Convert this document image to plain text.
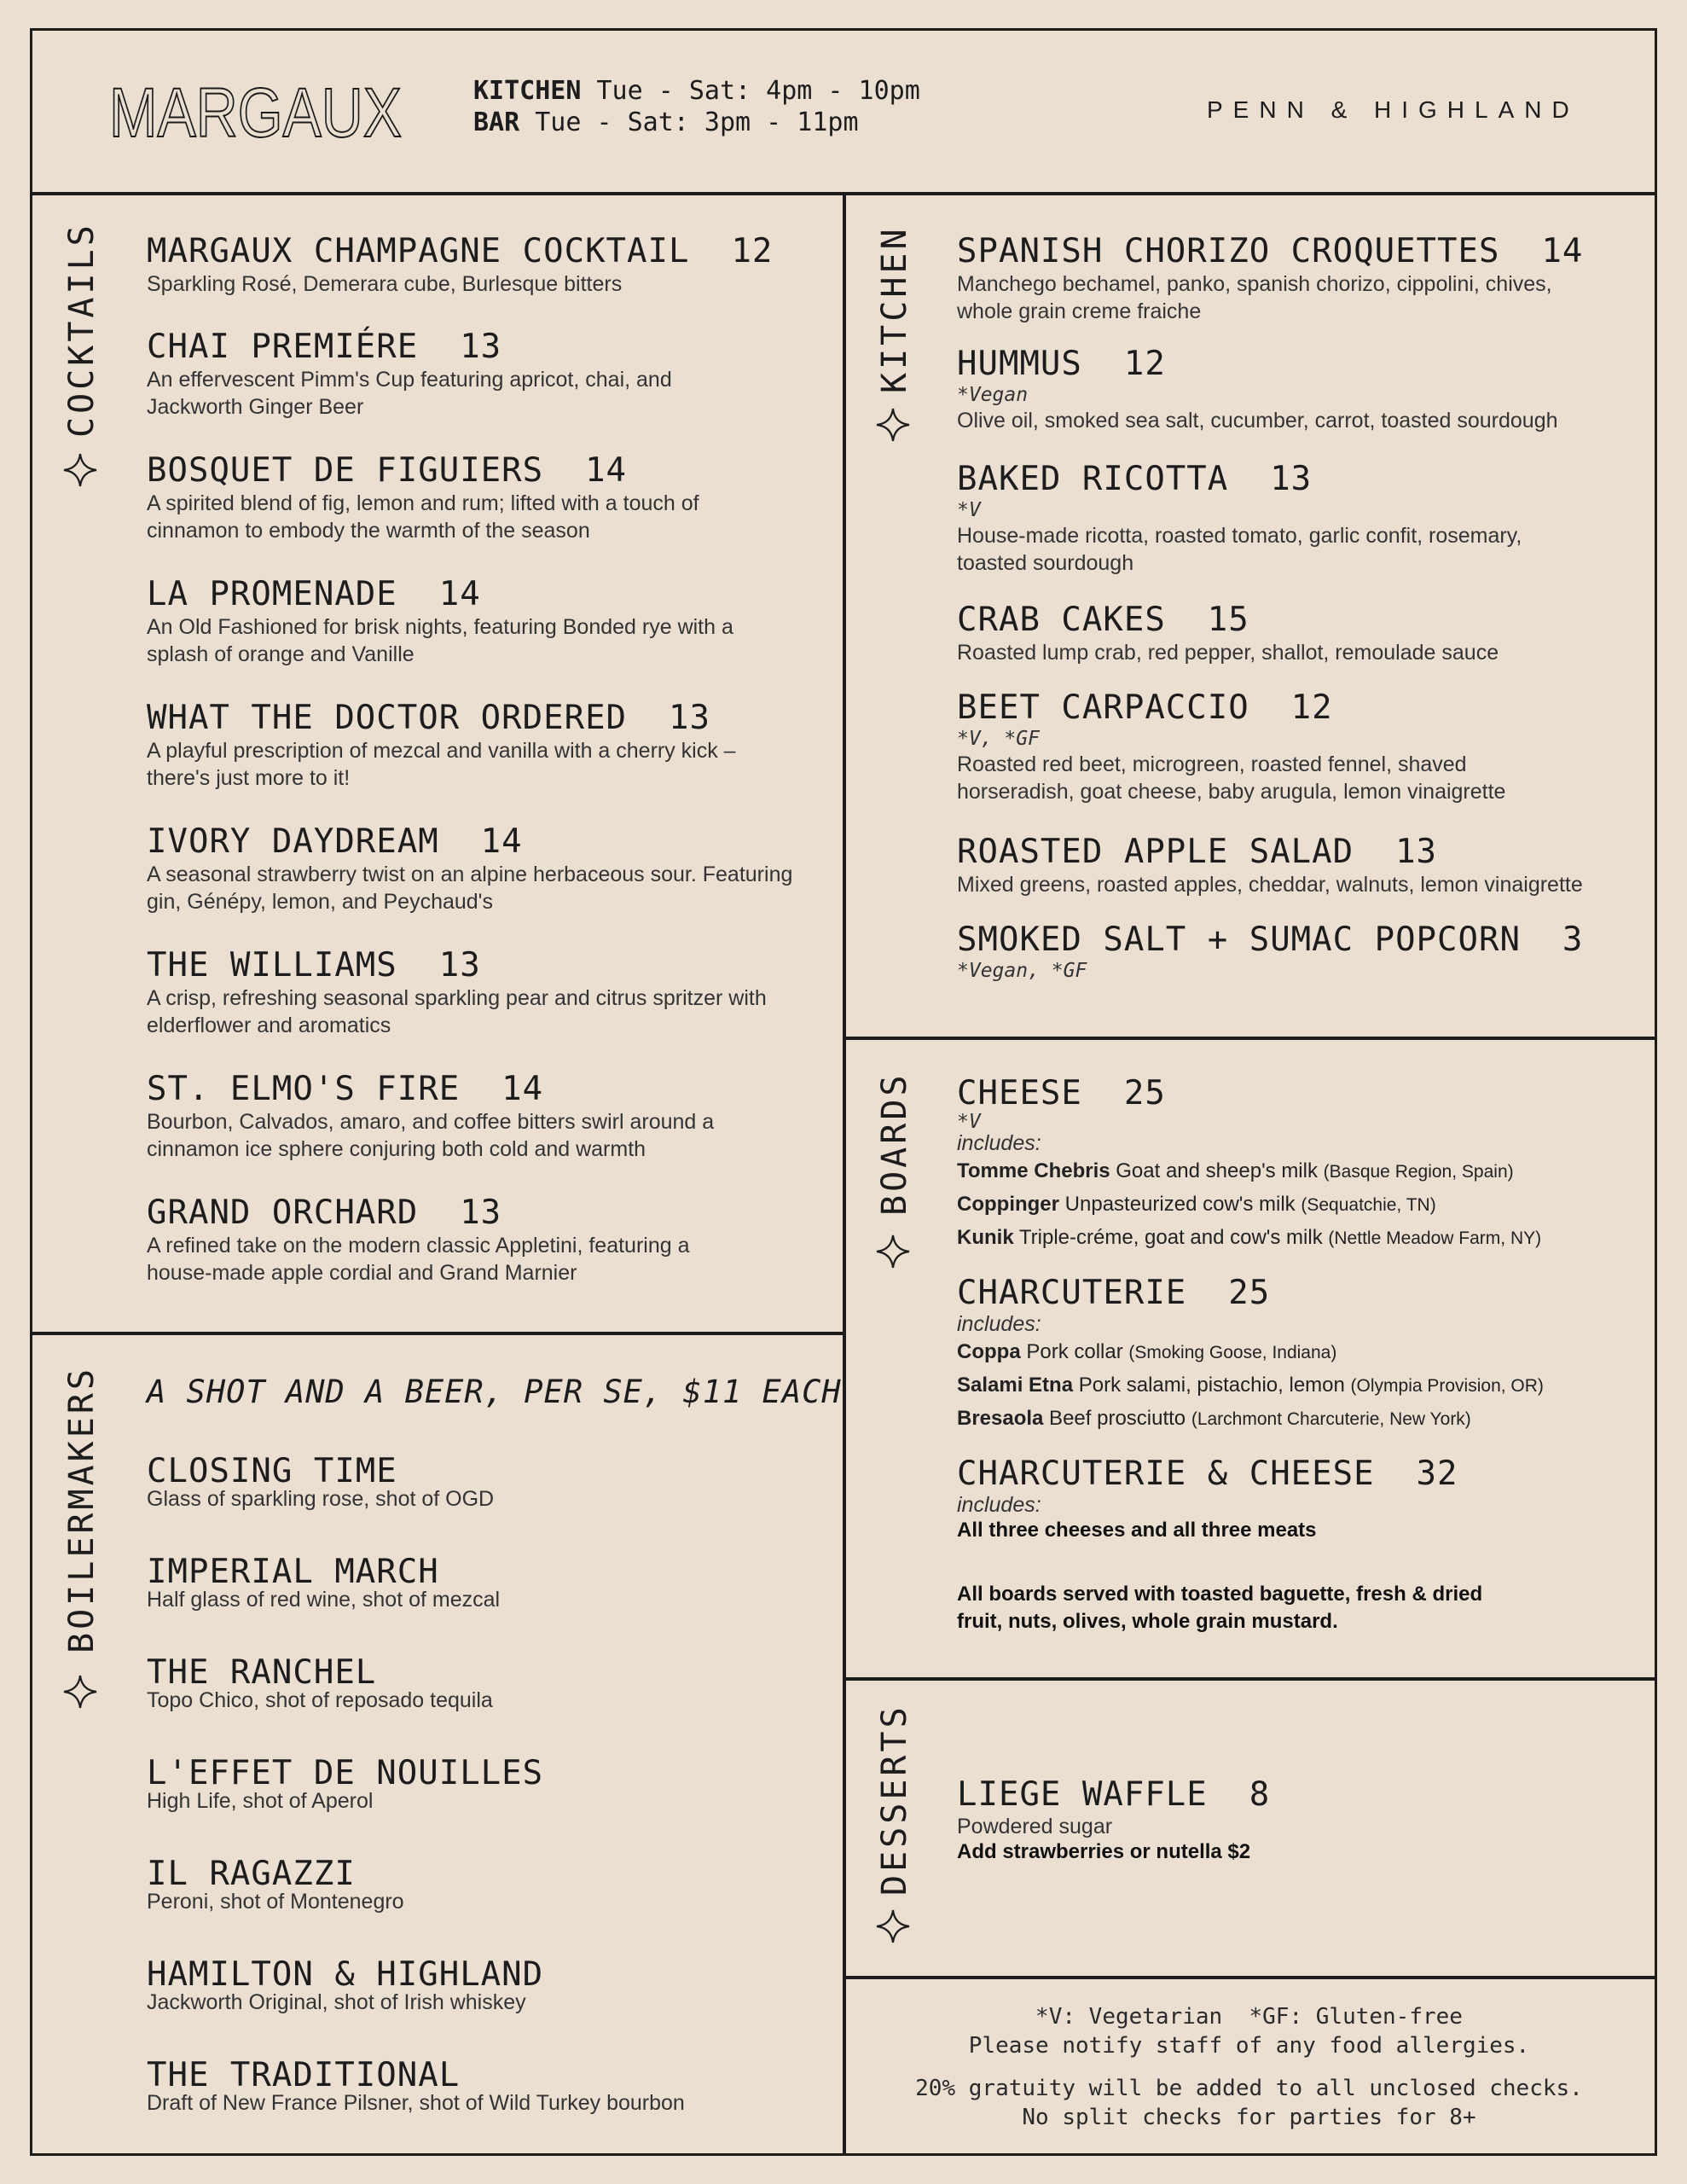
MARGAUX	KITCHEN Tue - Sat: 4pm - 10pm
BAR Tue - Sat: 3pm - 11pm	PENN & HIGHLAND
COCKTAILS
BOILERMAKERS
KITCHEN
BOARDS
DESSERTS
MARGAUX CHAMPAGNE COCKTAIL  12
Sparkling Rosé, Demerara cube, Burlesque bitters
CHAI PREMIÉRE  13
An effervescent Pimm's Cup featuring apricot, chai, and Jackworth Ginger Beer
BOSQUET DE FIGUIERS  14
A spirited blend of fig, lemon and rum; lifted with a touch of cinnamon to embody the warmth of the season
LA PROMENADE  14
An Old Fashioned for brisk nights, featuring Bonded rye with a splash of orange and Vanille
WHAT THE DOCTOR ORDERED  13
A playful prescription of mezcal and vanilla with a cherry kick – there's just more to it!
IVORY DAYDREAM  14
A seasonal strawberry twist on an alpine herbaceous sour. Featuring gin, Génépy, lemon, and Peychaud's
THE WILLIAMS  13
A crisp, refreshing seasonal sparkling pear and citrus spritzer with elderflower and aromatics
ST. ELMO'S FIRE  14
Bourbon, Calvados, amaro, and coffee bitters swirl around a cinnamon ice sphere conjuring both cold and warmth
GRAND ORCHARD  13
A refined take on the modern classic Appletini, featuring a house-made apple cordial and Grand Marnier
A SHOT AND A BEER, PER SE, $11 EACH
CLOSING TIME
Glass of sparkling rose, shot of OGD
IMPERIAL MARCH
Half glass of red wine, shot of mezcal
THE RANCHEL
Topo Chico, shot of reposado tequila
L'EFFET DE NOUILLES
High Life, shot of Aperol
IL RAGAZZI
Peroni, shot of Montenegro
HAMILTON & HIGHLAND
Jackworth Original, shot of Irish whiskey
THE TRADITIONAL
Draft of New France Pilsner, shot of Wild Turkey bourbon
SPANISH CHORIZO CROQUETTES  14
Manchego bechamel, panko, spanish chorizo, cippolini, chives, whole grain creme fraiche
HUMMUS  12
*Vegan
Olive oil, smoked sea salt, cucumber, carrot, toasted sourdough
BAKED RICOTTA  13
*V
House-made ricotta, roasted tomato, garlic confit, rosemary, toasted sourdough
CRAB CAKES  15
Roasted lump crab, red pepper, shallot, remoulade sauce
BEET CARPACCIO  12
*V, *GF
Roasted red beet, microgreen, roasted fennel, shaved horseradish, goat cheese, baby arugula, lemon vinaigrette
ROASTED APPLE SALAD  13
Mixed greens, roasted apples, cheddar, walnuts, lemon vinaigrette
SMOKED SALT + SUMAC POPCORN  3
*Vegan, *GF
CHEESE  25
*V
includes:
Tomme Chebris Goat and sheep's milk (Basque Region, Spain)
Coppinger Unpasteurized cow's milk (Sequatchie, TN)
Kunik Triple-créme, goat and cow's milk (Nettle Meadow Farm, NY)
CHARCUTERIE  25
includes:
Coppa Pork collar (Smoking Goose, Indiana)
Salami Etna Pork salami, pistachio, lemon (Olympia Provision, OR)
Bresaola Beef prosciutto (Larchmont Charcuterie, New York)
CHARCUTERIE & CHEESE  32
includes:
All three cheeses and all three meats
All boards served with toasted baguette, fresh & dried fruit, nuts, olives, whole grain mustard.
LIEGE WAFFLE  8
Powdered sugar
Add strawberries or nutella $2
*V: Vegetarian  *GF: Gluten-free
Please notify staff of any food allergies.
20% gratuity will be added to all unclosed checks.
No split checks for parties for 8+
